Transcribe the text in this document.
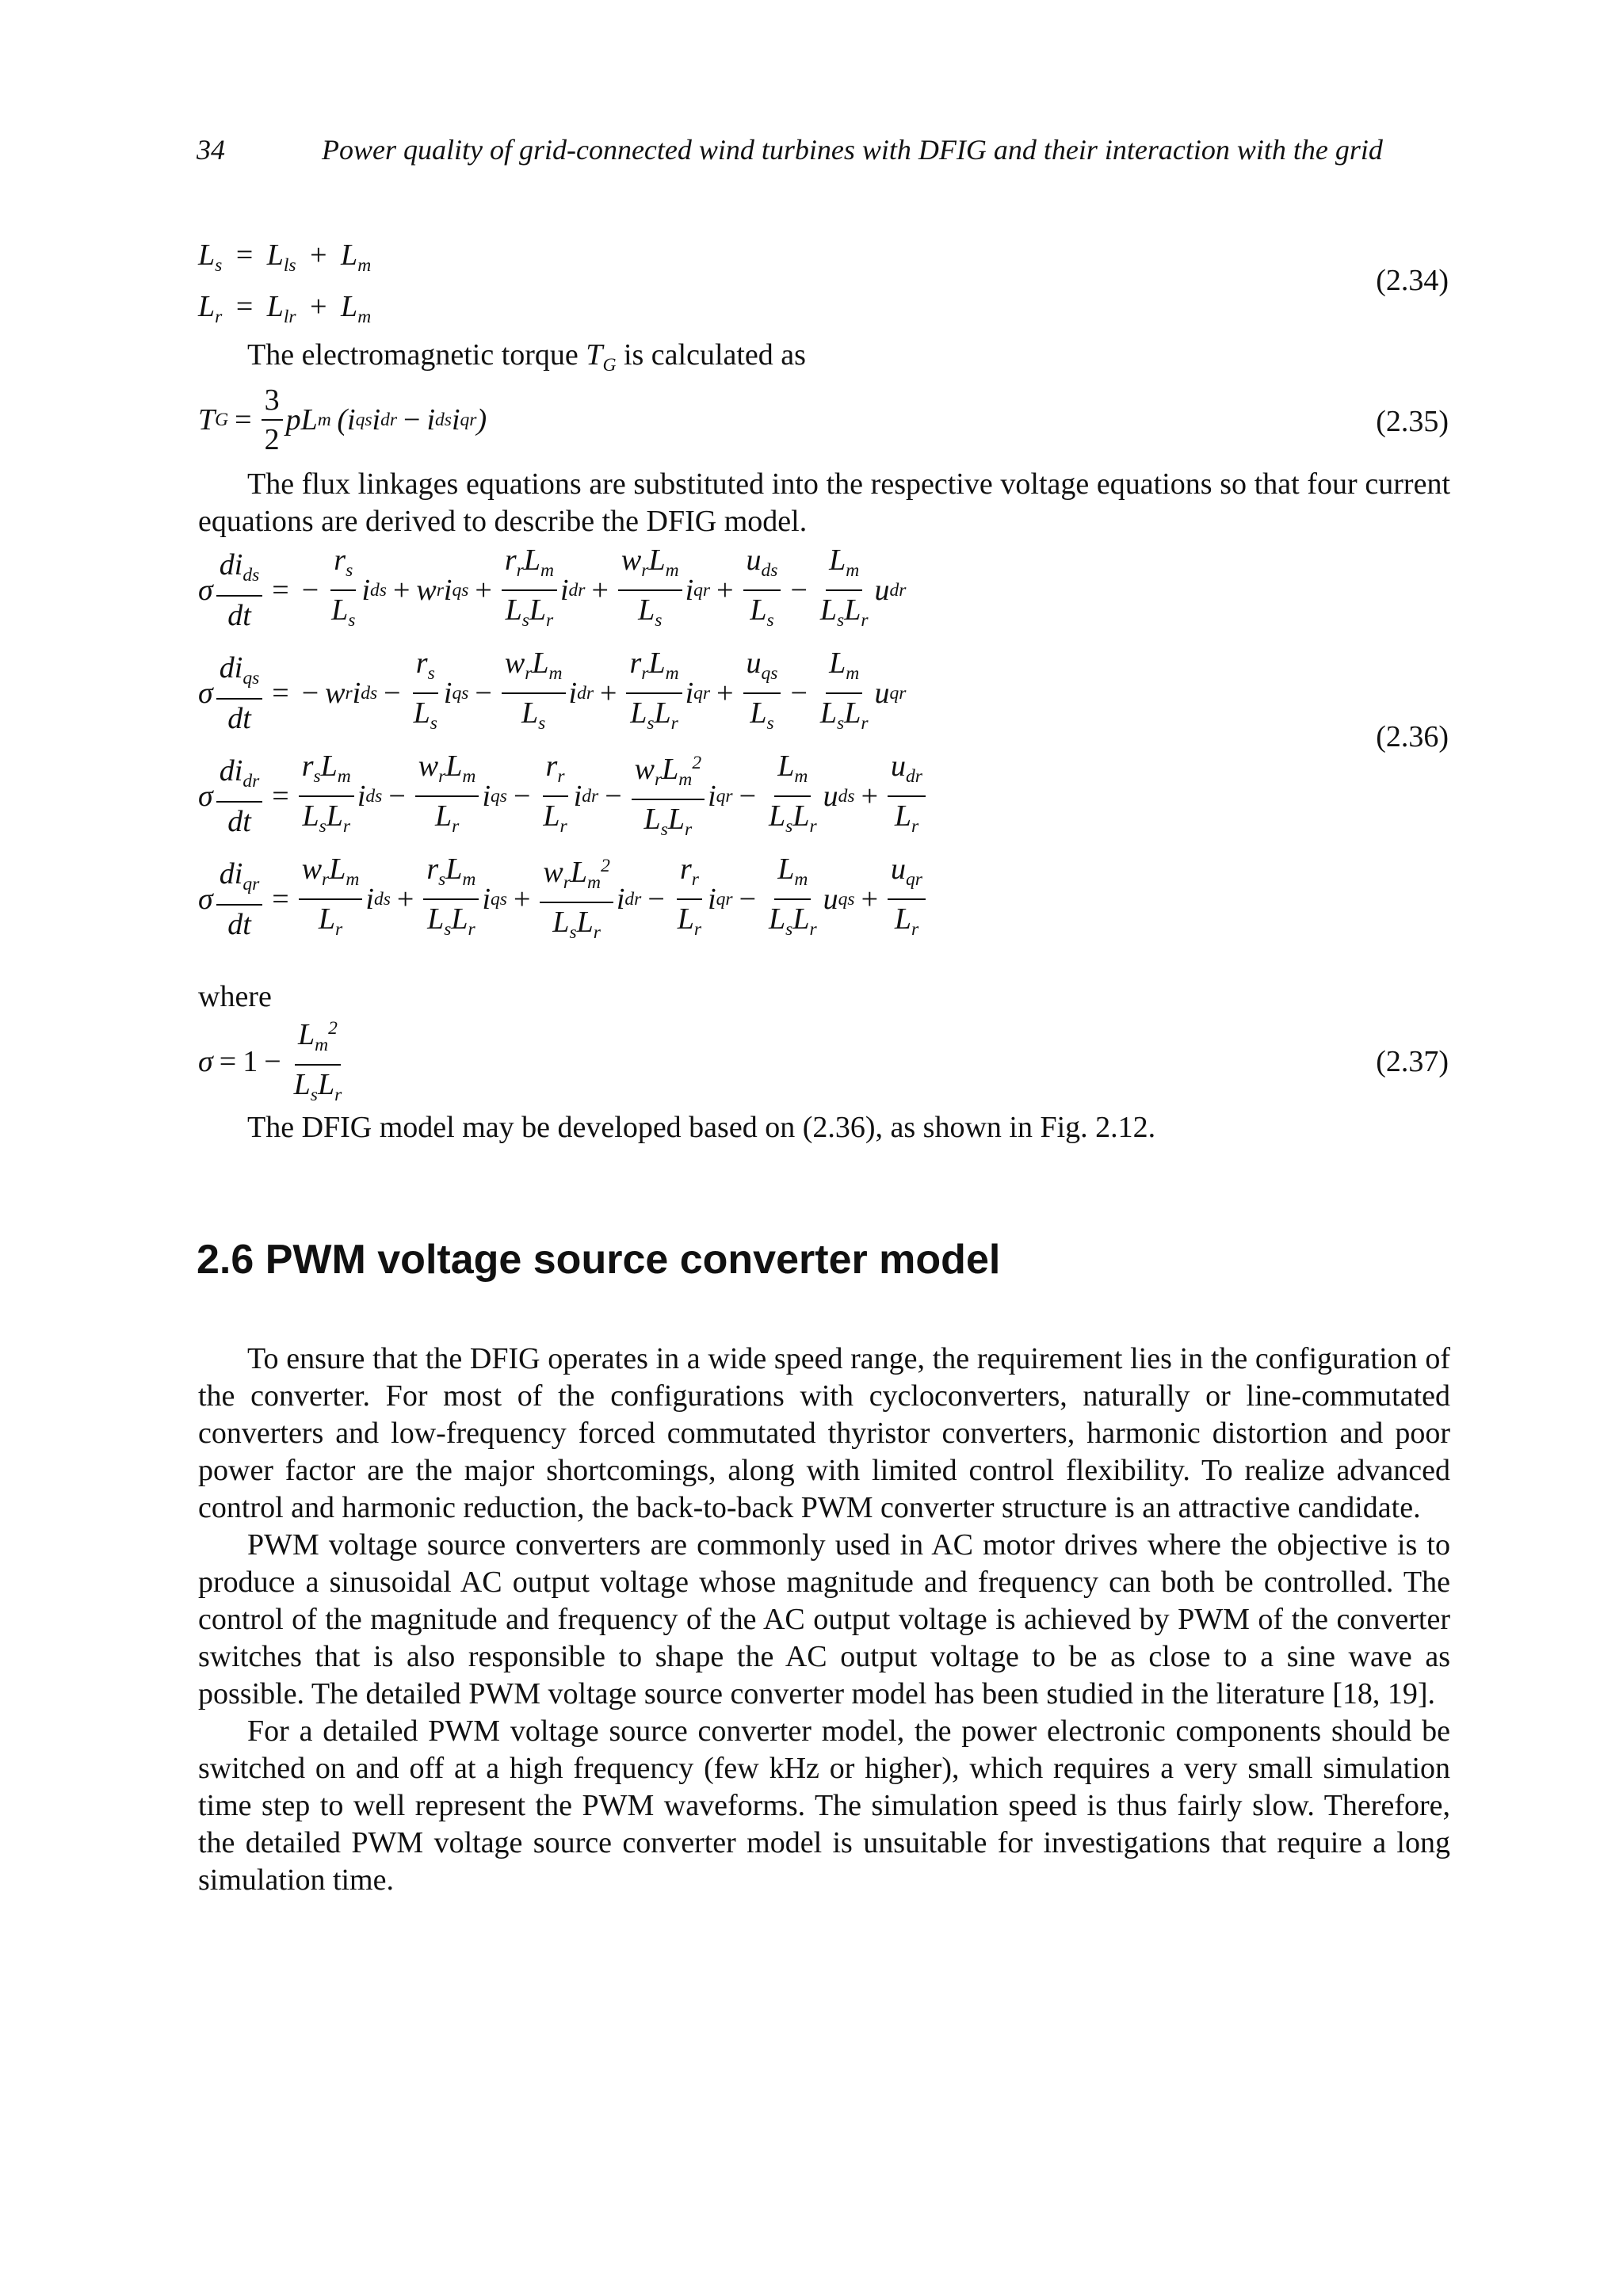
34	Power quality of grid-connected wind turbines with DFIG and their interaction with the grid
$L_s = L_{ls} + L_m$
$L_r = L_{lr} + L_m$
(2.34)
The electromagnetic torque $T_G$ is calculated as
T $G = \frac{3}{2}$ pL m  (i qs i dr − i ds i qr )	(2.35)
The flux linkages equations are substituted into the respective voltage equations so that four current equations are derived to describe the DFIG model.
σ $\frac{di_{ds}}{dt}$ = − $\frac{r_s}{L_s}$ i ds + w r i qs + $\frac{r_rL_m}{L_sL_r}$ i dr + $\frac{w_rL_m}{L_s}$ i qr + $\frac{u_{ds}}{L_s} - \frac{L_m}{L_sL_r}$ u dr
σ $\frac{di_{qs}}{dt}$ = − w r i ds − $\frac{r_s}{L_s}$ i qs − $\frac{w_rL_m}{L_s}$ i dr + $\frac{r_rL_m}{L_sL_r}$ i qr + $\frac{u_{qs}}{L_s} - \frac{L_m}{L_sL_r}$ u qr
σ $\frac{di_{dr}}{dt} = \frac{r_sL_m}{L_sL_r}$ i ds − $\frac{w_rL_m}{L_r}$ i qs − $\frac{r_r}{L_r}$ i dr − $\frac{w_rL_m^2}{L_sL_r}$ i qr − $\frac{L_m}{L_sL_r}$ u ds + $\frac{u_{dr}}{L_r}$
σ $\frac{di_{qr}}{dt} = \frac{w_rL_m}{L_r}$ i ds + $\frac{r_sL_m}{L_sL_r}$ i qs + $\frac{w_rL_m^2}{L_sL_r}$ i dr − $\frac{r_r}{L_r}$ i qr − $\frac{L_m}{L_sL_r}$ u qs + $\frac{u_{qr}}{L_r}$
(2.36)
where
$\sigma = 1 - \frac{L_m^2}{L_sL_r}$	(2.37)
The DFIG model may be developed based on (2.36), as shown in Fig. 2.12.
2.6 PWM voltage source converter model

To ensure that the DFIG operates in a wide speed range, the requirement lies in the configuration of the converter. For most of the configurations with cycloconverters, naturally or line-commutated converters and low-frequency forced commutated thyristor converters, harmonic distortion and poor power factor are the major shortcomings, along with limited control flexibility. To realize advanced control and harmonic reduction, the back-to-back PWM converter structure is an attractive candidate.

PWM voltage source converters are commonly used in AC motor drives where the objective is to produce a sinusoidal AC output voltage whose magnitude and frequency can both be controlled. The control of the magnitude and frequency of the AC output voltage is achieved by PWM of the converter switches that is also responsible to shape the AC output voltage to be as close to a sine wave as possible. The detailed PWM voltage source converter model has been studied in the literature [18, 19].

For a detailed PWM voltage source converter model, the power electronic components should be switched on and off at a high frequency (few kHz or higher), which requires a very small simulation time step to well represent the PWM waveforms. The simulation speed is thus fairly slow. Therefore, the detailed PWM voltage source converter model is unsuitable for investigations that require a long simulation time.
